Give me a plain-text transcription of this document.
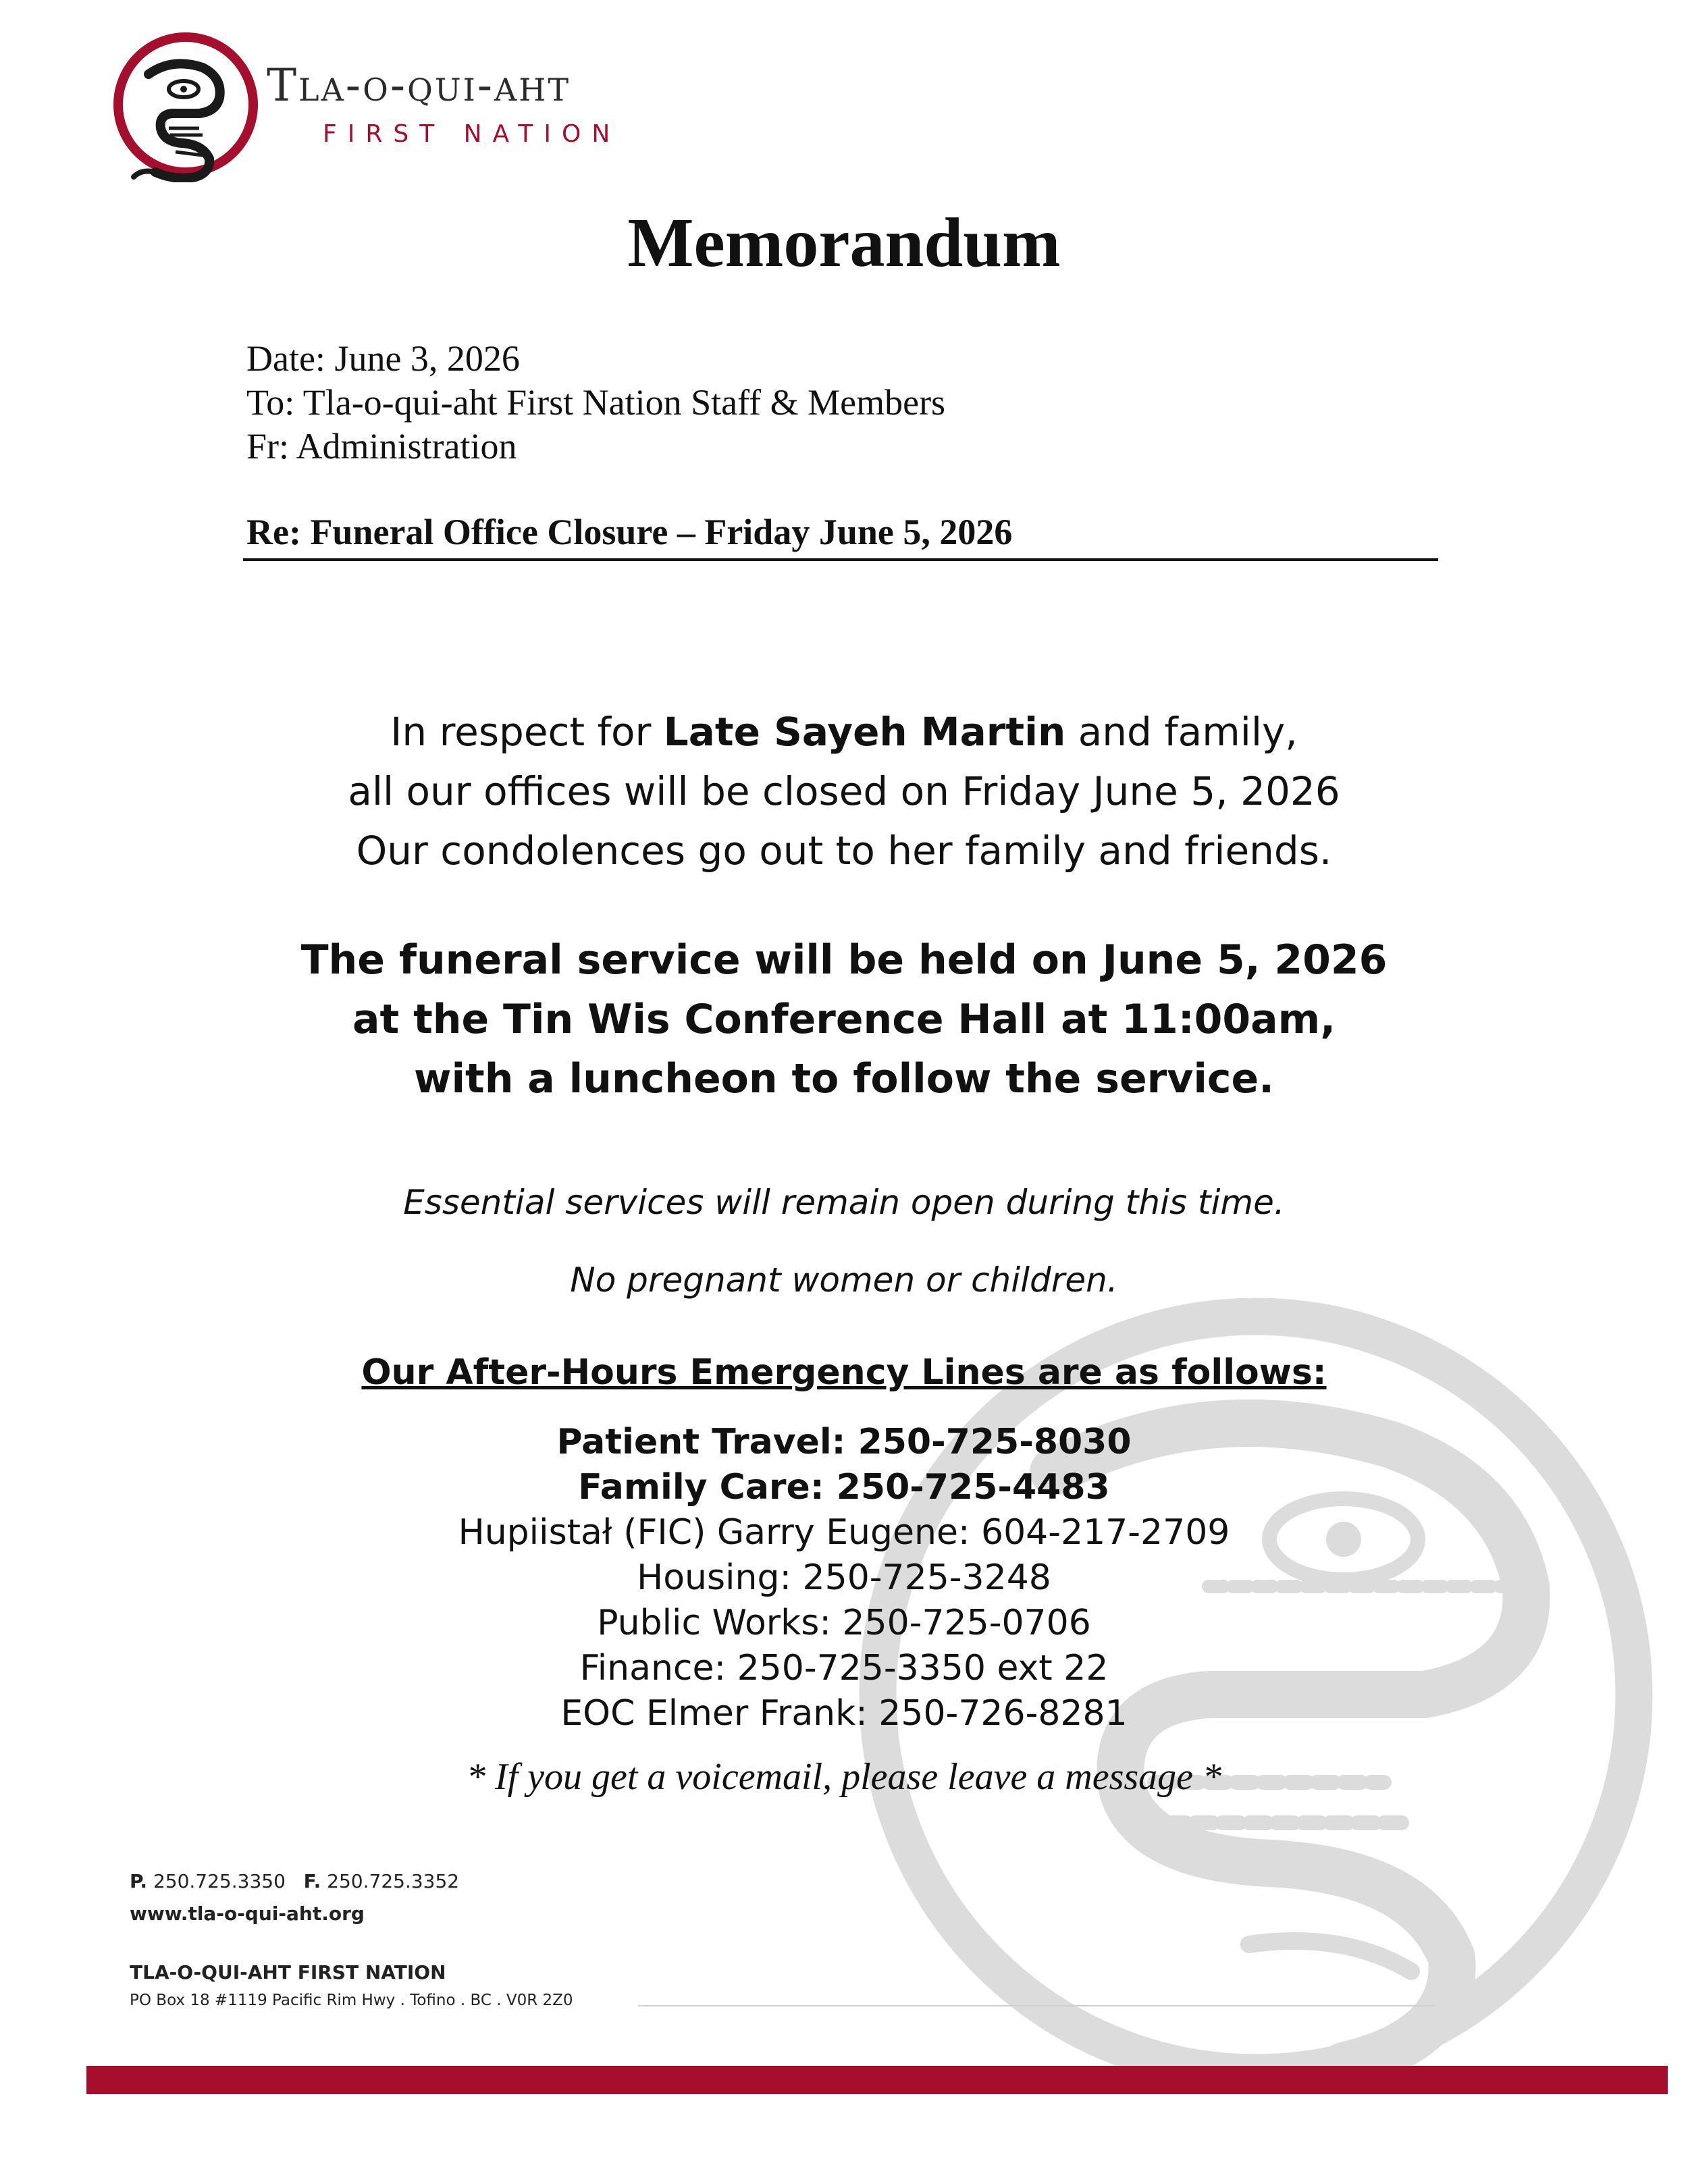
Tla-o-qui-aht

FIRST NATION

Memorandum

Date: June 3, 2026

To: Tla-o-qui-aht First Nation Staff & Members

Fr: Administration

Re: Funeral Office Closure – Friday June 5, 2026

In respect for Late Sayeh Martin and family,
all our offices will be closed on Friday June 5, 2026
Our condolences go out to her family and friends.

The funeral service will be held on June 5, 2026
at the Tin Wis Conference Hall at 11:00am,
with a luncheon to follow the service.

Essential services will remain open during this time.

No pregnant women or children.

Our After-Hours Emergency Lines are as follows:

Patient Travel: 250-725-8030
Family Care: 250-725-4483
Hupiistał (FIC) Garry Eugene: 604-217-2709
Housing: 250-725-3248
Public Works: 250-725-0706
Finance: 250-725-3350 ext 22
EOC Elmer Frank: 250-726-8281

* If you get a voicemail, please leave a message *

P. 250.725.3350 F. 250.725.3352

www.tla-o-qui-aht.org

TLA-O-QUI-AHT FIRST NATION

PO Box 18 #1119 Pacific Rim Hwy . Tofino . BC . V0R 2Z0
